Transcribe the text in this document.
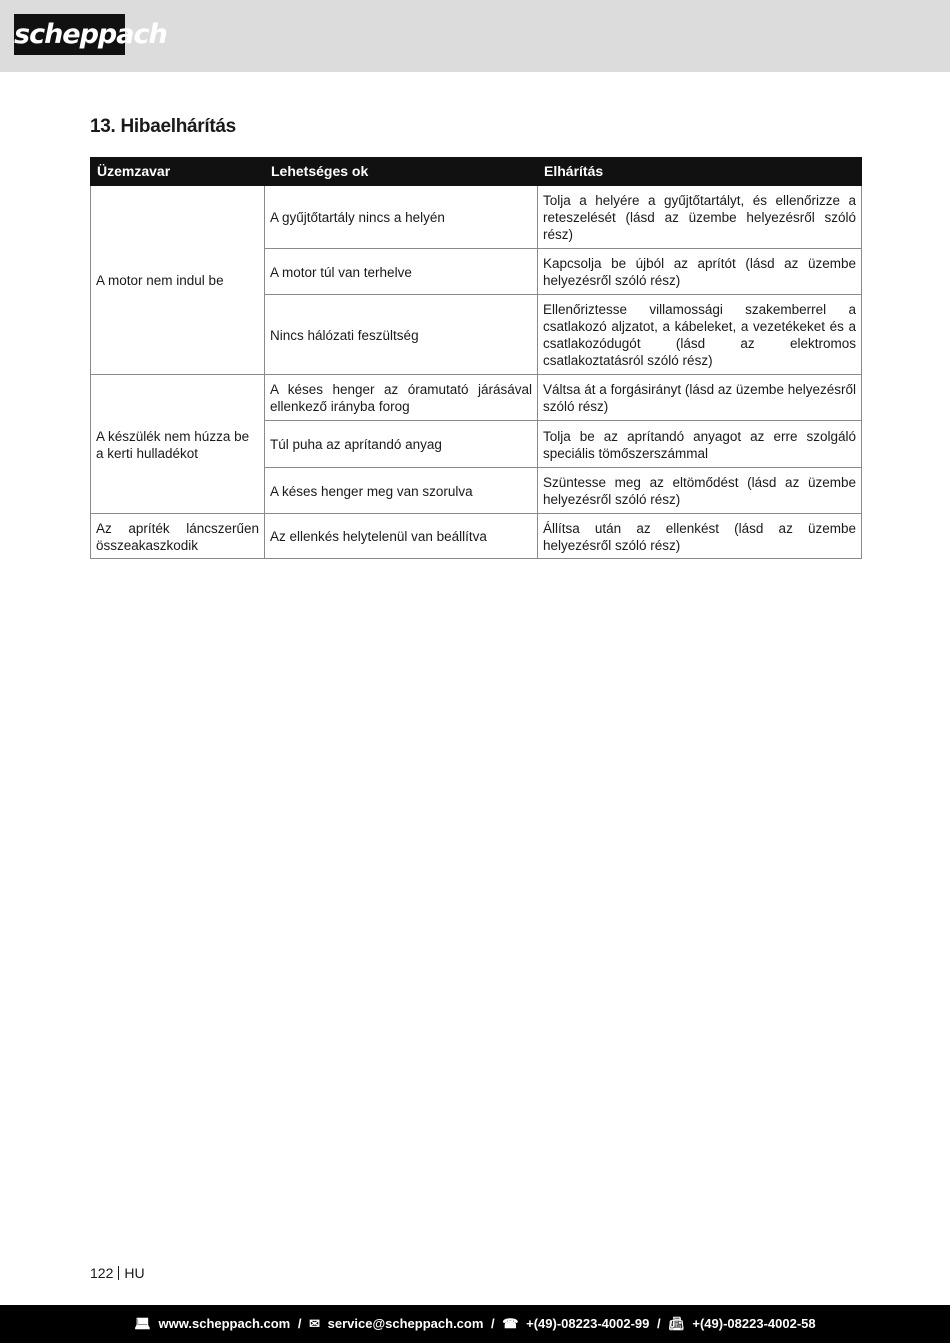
scheppach
13. Hibaelhárítás
Üzemzavar	Lehetséges ok	Elhárítás
A motor nem indul be	A gyűjtőtartály nincs a helyén	Tolja a helyére a gyűjtőtartályt, és ellenőrizze a reteszelését (lásd az üzembe helyezésről szóló rész)
	A motor túl van terhelve	Kapcsolja be újból az aprítót (lásd az üzembe helyezésről szóló rész)
	Nincs hálózati feszültség	Ellenőriztesse villamossági szakemberrel a csatlakozó aljzatot, a kábeleket, a vezetékeket és a csatlakozódugót (lásd az elektromos csatlakoztatásról szóló rész)
A készülék nem húzza be a kerti hulladékot	A késes henger az óramutató járásával ellenkező irányba forog	Váltsa át a forgásirányt (lásd az üzembe helyezésről szóló rész)
	Túl puha az aprítandó anyag	Tolja be az aprítandó anyagot az erre szolgáló speciális tömőszerszámmal
	A késes henger meg van szorulva	Szüntesse meg az eltömődést (lásd az üzembe helyezésről szóló rész)
Az apríték láncszerűen összeakaszkodik	Az ellenkés helytelenül van beállítva	Állítsa után az ellenkést (lásd az üzembe helyezésről szóló rész)
122 HU
💻︎ www.scheppach.com / ✉︎ service@scheppach.com / ☎︎ +(49)-08223-4002-99 / 📠︎ +(49)-08223-4002-58
